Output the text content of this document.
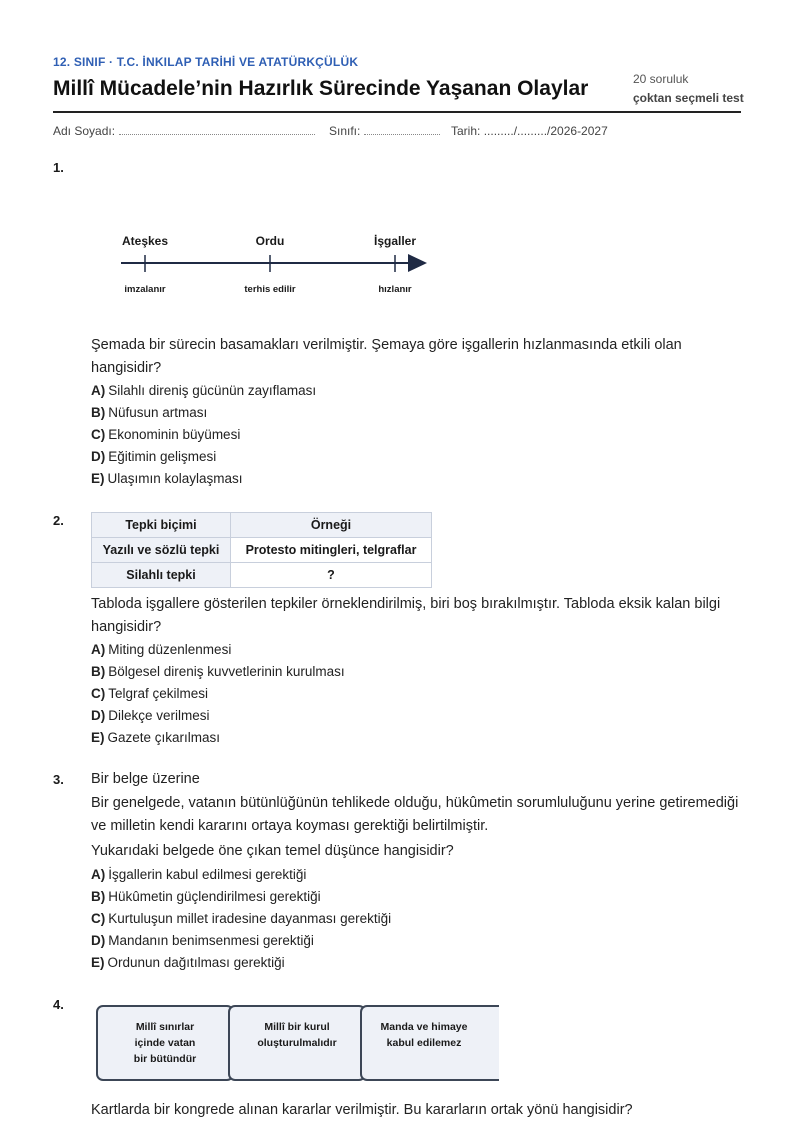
12. SINIF · T.C. İNKILAP TARİHİ VE ATATÜRKÇÜLÜK
Millî Mücadele’nin Hazırlık Sürecinde Yaşanan Olaylar	20 soruluk
çoktan seçmeli test
Adı Soyadı:	Sınıfı:	Tarih: ........./........./2026-2027
1.
Ateşkes	Ordu	İşgaller
imzalanır	terhis edilir	hızlanır
Şemada bir sürecin basamakları verilmiştir. Şemaya göre işgallerin hızlanmasında etkili olan hangisidir?
A) Silahlı direniş gücünün zayıflaması
B) Nüfusun artması
C) Ekonominin büyümesi
D) Eğitimin gelişmesi
E) Ulaşımın kolaylaşması
2.	Tepki biçimi	Örneği
Yazılı ve sözlü tepki	Protesto mitingleri, telgraflar
Silahlı tepki	?
Tabloda işgallere gösterilen tepkiler örneklendirilmiş, biri boş bırakılmıştır. Tabloda eksik kalan bilgi hangisidir?
A) Miting düzenlenmesi
B) Bölgesel direniş kuvvetlerinin kurulması
C) Telgraf çekilmesi
D) Dilekçe verilmesi
E) Gazete çıkarılması
3. Bir belge üzerine
Bir genelgede, vatanın bütünlüğünün tehlikede olduğu, hükûmetin sorumluluğunu yerine getiremediği ve milletin kendi kararını ortaya koyması gerektiği belirtilmiştir.
Yukarıdaki belgede öne çıkan temel düşünce hangisidir?
A) İşgallerin kabul edilmesi gerektiği
B) Hükûmetin güçlendirilmesi gerektiği
C) Kurtuluşun millet iradesine dayanması gerektiği
D) Mandanın benimsenmesi gerektiği
E) Ordunun dağıtılması gerektiği
4.
Millî sınırlar
içinde vatan
bir bütündür
Millî bir kurul
oluşturulmalıdır
Manda ve himaye
kabul edilemez
Kartlarda bir kongrede alınan kararlar verilmiştir. Bu kararların ortak yönü hangisidir?
